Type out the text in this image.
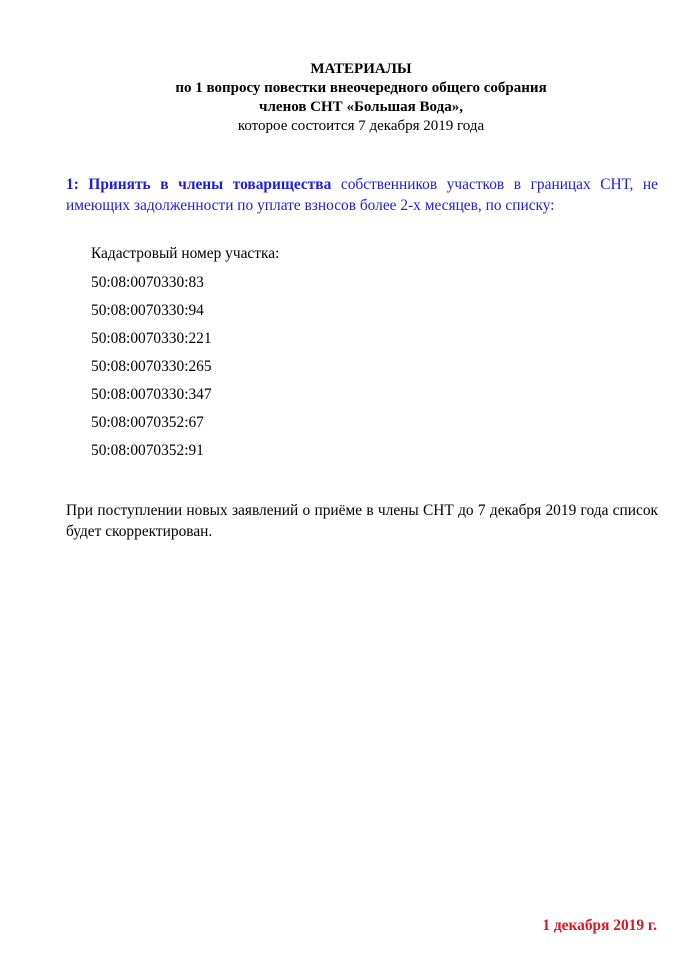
МАТЕРИАЛЫ
по 1 вопросу повестки внеочередного общего собрания
членов СНТ «Большая Вода»,
которое состоится 7 декабря 2019 года
1: Принять в члены товарищества собственников участков в границах СНТ, не имеющих задолженности по уплате взносов более 2-х месяцев, по списку:
Кадастровый номер участка:
50:08:0070330:83
50:08:0070330:94
50:08:0070330:221
50:08:0070330:265
50:08:0070330:347
50:08:0070352:67
50:08:0070352:91
При поступлении новых заявлений о приёме в члены СНТ до 7 декабря 2019 года список будет скорректирован.
1 декабря 2019 г.
